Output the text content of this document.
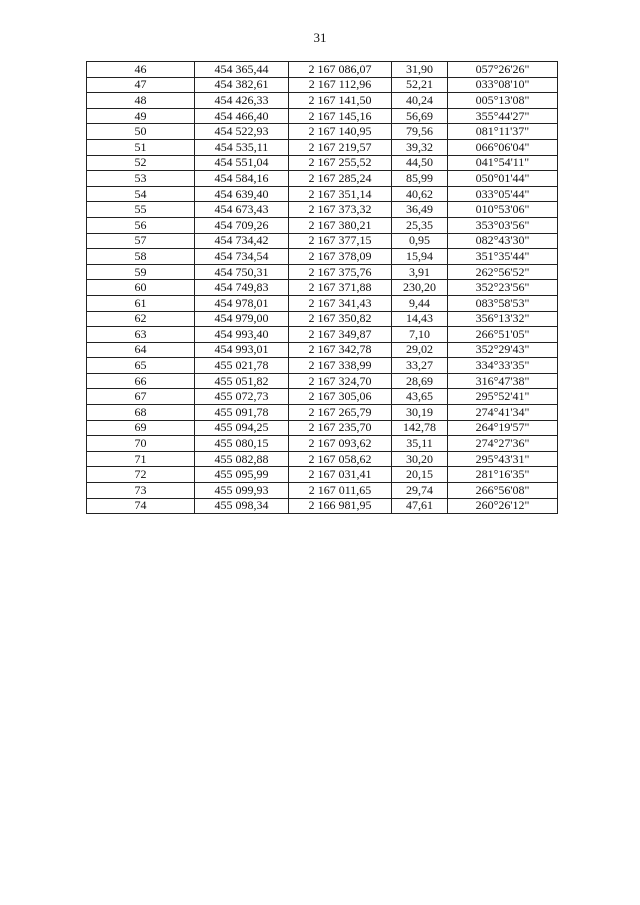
31
46	454 365,44	2 167 086,07	31,90	057°26'26"
47	454 382,61	2 167 112,96	52,21	033°08'10"
48	454 426,33	2 167 141,50	40,24	005°13'08"
49	454 466,40	2 167 145,16	56,69	355°44'27"
50	454 522,93	2 167 140,95	79,56	081°11'37"
51	454 535,11	2 167 219,57	39,32	066°06'04"
52	454 551,04	2 167 255,52	44,50	041°54'11"
53	454 584,16	2 167 285,24	85,99	050°01'44"
54	454 639,40	2 167 351,14	40,62	033°05'44"
55	454 673,43	2 167 373,32	36,49	010°53'06"
56	454 709,26	2 167 380,21	25,35	353°03'56"
57	454 734,42	2 167 377,15	0,95	082°43'30"
58	454 734,54	2 167 378,09	15,94	351°35'44"
59	454 750,31	2 167 375,76	3,91	262°56'52"
60	454 749,83	2 167 371,88	230,20	352°23'56"
61	454 978,01	2 167 341,43	9,44	083°58'53"
62	454 979,00	2 167 350,82	14,43	356°13'32"
63	454 993,40	2 167 349,87	7,10	266°51'05"
64	454 993,01	2 167 342,78	29,02	352°29'43"
65	455 021,78	2 167 338,99	33,27	334°33'35"
66	455 051,82	2 167 324,70	28,69	316°47'38"
67	455 072,73	2 167 305,06	43,65	295°52'41"
68	455 091,78	2 167 265,79	30,19	274°41'34"
69	455 094,25	2 167 235,70	142,78	264°19'57"
70	455 080,15	2 167 093,62	35,11	274°27'36"
71	455 082,88	2 167 058,62	30,20	295°43'31"
72	455 095,99	2 167 031,41	20,15	281°16'35"
73	455 099,93	2 167 011,65	29,74	266°56'08"
74	455 098,34	2 166 981,95	47,61	260°26'12"
